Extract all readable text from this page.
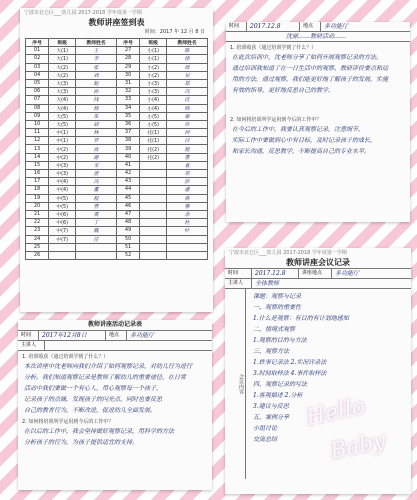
宁波市北仑区___幼儿园 2017-2018 学年度第一学期
教师讲座签到表
时间：2017 年 12 月 8 日
序号	班级	教师姓名	序号	班级	教师姓名
01	大(1)	王	27	小(1)	陈
02	大(1)	李	28	小(1)	徐
03	大(2)	张	29	小(2)	周
04	大(2)	刘	30	小(2)	吴
05	大(3)	赵	31	小(3)	郑
06	大(3)	孙	32	小(3)	冯
07	大(4)	钱	33	小(4)	沈
08	大(4)	杨	34	小(4)	韩
09	大(5)	朱	35	小(5)	秦
10	大(5)	胡	36	小(5)	许
11	中(1)	林	37	托(1)	何
12	中(1)	罗	38	托(1)	吕
13	中(2)	高	39	托(2)	施
14	中(2)	谢	40	托(2)	曹
15	中(3)	宋	41		袁
16	中(3)	唐	42		邓
17	中(4)	冯	43		彭
18	中(4)	董	44		潘
19	中(5)	程	45		蒋
20	中(5)	曾	46		蔡
21	中(6)	贾	47		余
22	中(6)	丁	48		杜
23	中(7)	魏	49		叶
24	中(7)	任	50		
25			51		
26			52		
时间	2017.12.8	地点	多功能厅
沈丽……教研活动……
1. 培训收获（通过培训学到了什么？）
在此次培训中，沈老师分享了如何开展观察记录的方法。
通过培训我知道了在一日生活中的观察、教研评价要点和运
用的方法。通过观察，我们能更好地了解孩子的发展，实施
有效的指导，更好地反思自己的教学。
2. 如何将培训所学运用到今后的工作中？
在今后的工作中，我要认真观察记录，注意细节，
实际工作中要做到心中有目标，及时记录孩子的成长，
和家长沟通，反思教学，不断提高自己的专业水平。
教师讲座活动记录表
时间	2017年12月8日	地点	多功能厅
主讲人
1. 培训收获（通过培训学到了什么？）
本次讲座中沈老师向我们介绍了如何观察记录，对幼儿行为进行
分析。我们知道观察记录是教师了解幼儿的重要途径，在日常
活动中我们要做一个有心人，用心观察每一个孩子，
记录孩子的点滴，发现孩子的闪光点，同时也要反思
自己的教育行为，不断改进，促进幼儿全面发展。
2. 如何将培训所学运用到今后的工作中？
在以后的工作中，我会坚持做好观察记录，用科学的方法
分析孩子的行为，为孩子提供适宜的支持。
宁波市北仑区___幼儿园 2017-2018 学年度第一学期
教师讲座会议记录
时间	2017.12.8	讲座地点	多功能厅
主讲人	全体教师
会议内容
课题：观察与记录
一、观察的重要性
1.什么是观察：有目的有计划地感知
二、情境式观察
1.观察的目的与方法
三、观察方法
1.轶事记录法 2.实况详录法
3.时间取样法 4.事件取样法
四、观察记录的写法
1.客观描述 2.分析
3.建议与反思
五、案例分享
小组讨论
交流总结
Hello
Baby
